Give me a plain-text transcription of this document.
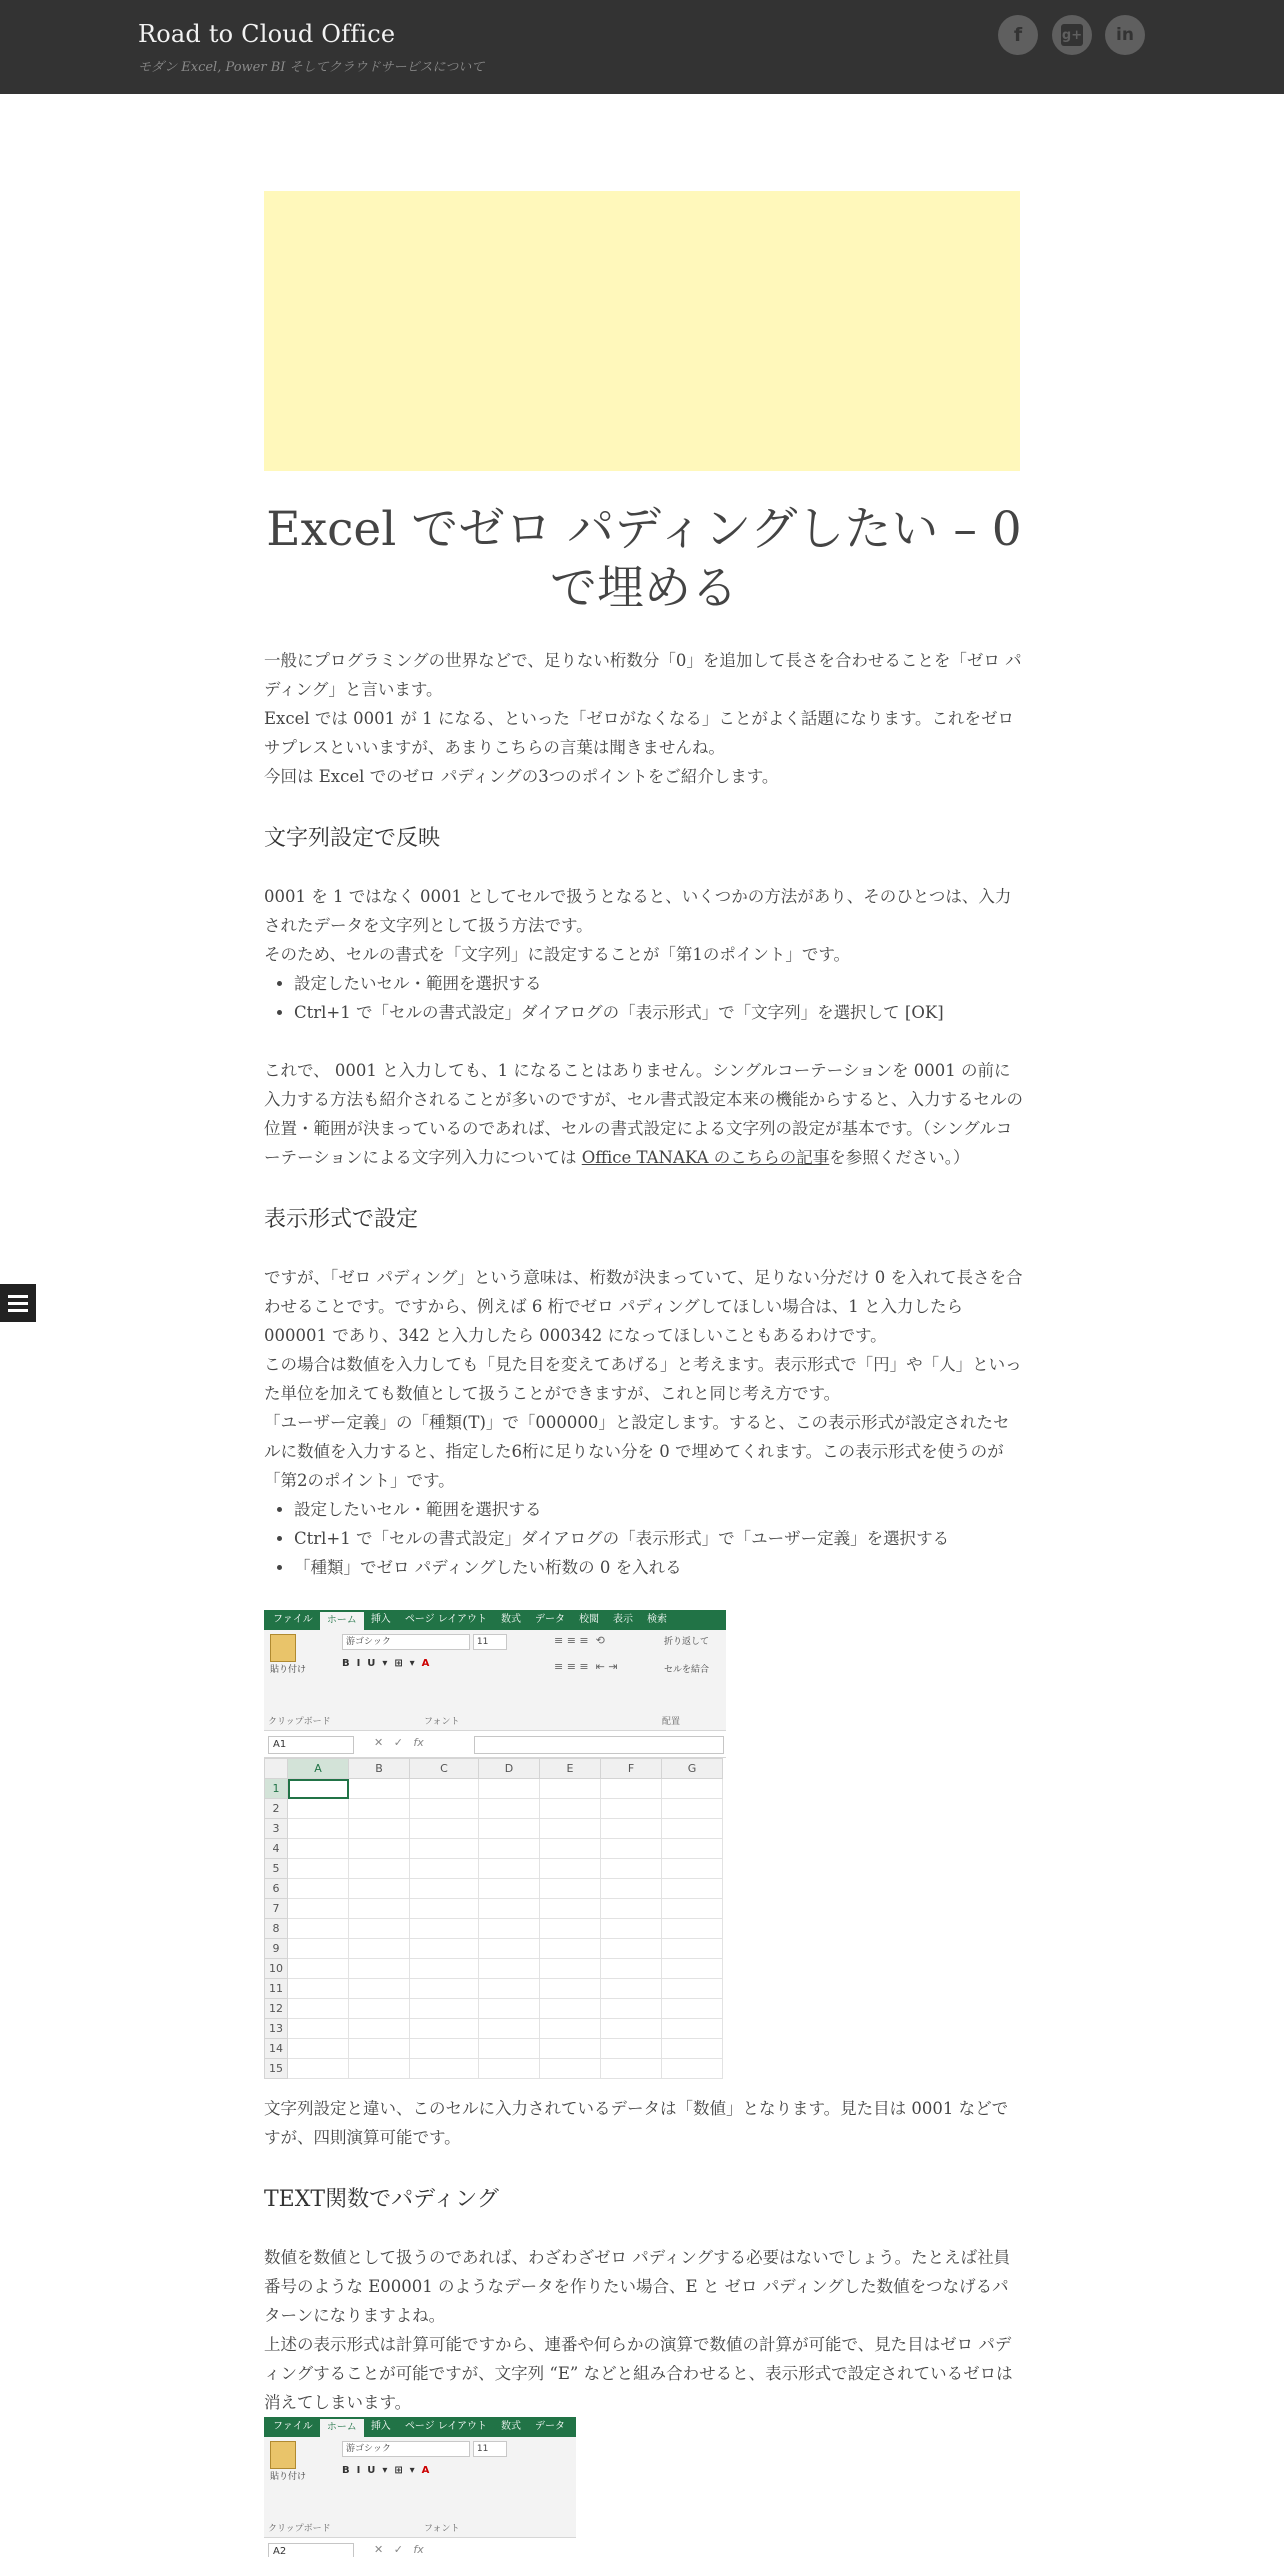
Road to Cloud Office
モダン Excel, Power BI そしてクラウドサービスについて
f	g+ in
Excel でゼロ パディングしたい – 0で埋める

一般にプログラミングの世界などで、足りない桁数分「0」を追加して長さを合わせることを「ゼロ パディング」と言います。

Excel では 0001 が 1 になる、といった「ゼロがなくなる」ことがよく話題になります。これをゼロ サプレスといいますが、あまりこちらの言葉は聞きませんね。

今回は Excel でのゼロ パディングの3つのポイントをご紹介します。

文字列設定で反映

0001 を 1 ではなく 0001 としてセルで扱うとなると、いくつかの方法があり、そのひとつは、入力されたデータを文字列として扱う方法です。

そのため、セルの書式を「文字列」に設定することが「第1のポイント」です。

• 設定したいセル・範囲を選択する
• Ctrl+1 で「セルの書式設定」ダイアログの「表示形式」で「文字列」を選択して [OK]

これで、 0001 と入力しても、1 になることはありません。シングルコーテーションを 0001 の前に入力する方法も紹介されることが多いのですが、セル書式設定本来の機能からすると、入力するセルの位置・範囲が決まっているのであれば、セルの書式設定による文字列の設定が基本です。（シングルコーテーションによる文字列入力については Office TANAKA のこちらの記事を参照ください。）

表示形式で設定

ですが、「ゼロ パディング」という意味は、桁数が決まっていて、足りない分だけ 0 を入れて長さを合わせることです。ですから、例えば 6 桁でゼロ パディングしてほしい場合は、1 と入力したら 000001 であり、342 と入力したら 000342 になってほしいこともあるわけです。

この場合は数値を入力しても「見た目を変えてあげる」と考えます。表示形式で「円」や「人」といった単位を加えても数値として扱うことができますが、これと同じ考え方です。

「ユーザー定義」の「種類(T)」で「000000」と設定します。すると、この表示形式が設定されたセルに数値を入力すると、指定した6桁に足りない分を 0 で埋めてくれます。この表示形式を使うのが「第2のポイント」です。

• 設定したいセル・範囲を選択する
• Ctrl+1 で「セルの書式設定」ダイアログの「表示形式」で「ユーザー定義」を選択する
• 「種類」でゼロ パディングしたい桁数の 0 を入れる
ファイル	ホーム	挿入	ページ レイアウト	数式	データ	校閲	表示	検索
貼り付け
クリップボード
游ゴシック	11
B  I  U  ▾  ⊞  ▾  A
フォント
≡ ≡ ≡  ⟲

≡ ≡ ≡  ⇤ ⇥
折り返して
セルを結合
配置
A1	✕   ✓   fx
	A	B	C	D	E	F	G
1							
2							
3							
4							
5							
6							
7							
8							
9							
10							
11							
12							
13							
14							
15							

文字列設定と違い、このセルに入力されているデータは「数値」となります。見た目は 0001 などですが、四則演算可能です。

TEXT関数でパディング

数値を数値として扱うのであれば、わざわざゼロ パディングする必要はないでしょう。たとえば社員番号のような E00001 のようなデータを作りたい場合、E と ゼロ パディングした数値をつなげるパターンになりますよね。

上述の表示形式は計算可能ですから、連番や何らかの演算で数値の計算が可能で、見た目はゼロ パディングすることが可能ですが、文字列 “E” などと組み合わせると、表示形式で設定されているゼロは消えてしまいます。

ファイル	ホーム	挿入	ページ レイアウト	数式	データ
貼り付け
クリップボード
游ゴシック	11
B  I  U  ▾  ⊞  ▾  A
フォント
A2	✕   ✓   fx
